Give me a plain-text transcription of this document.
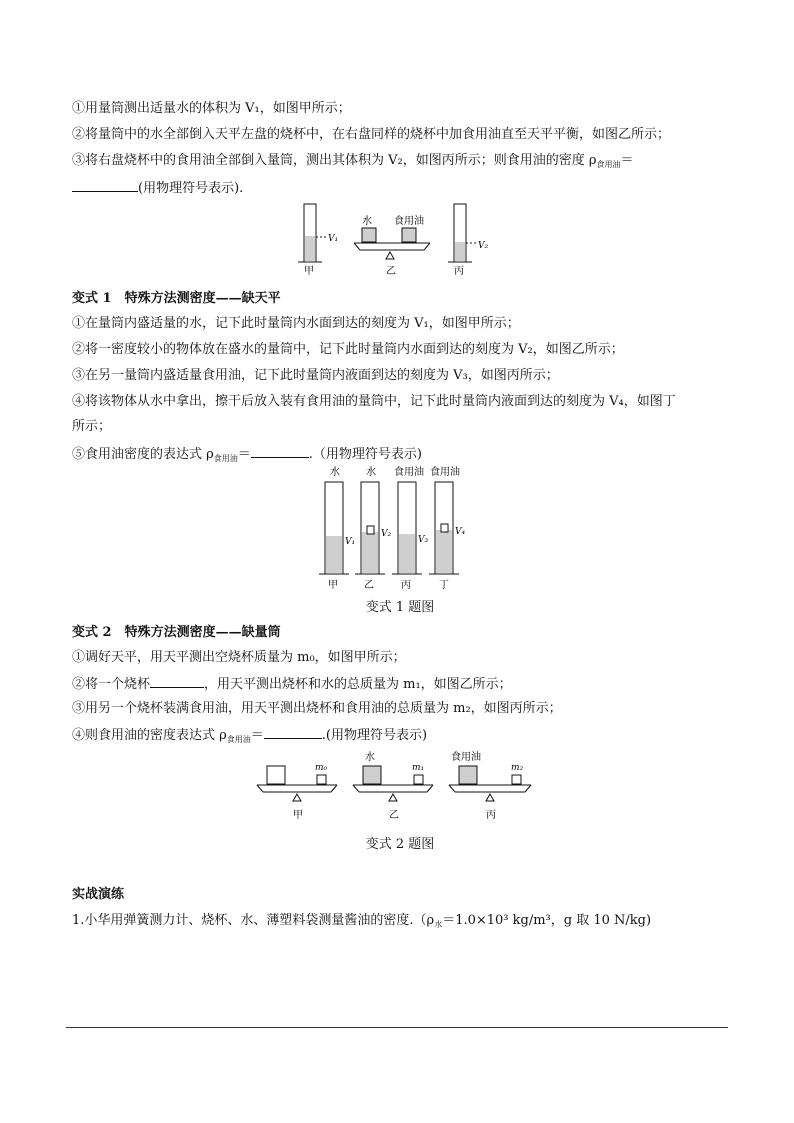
①用量筒测出适量水的体积为 V₁，如图甲所示；
②将量筒中的水全部倒入天平左盘的烧杯中，在右盘同样的烧杯中加食用油直至天平平衡，如图乙所示；
③将右盘烧杯中的食用油全部倒入量筒，测出其体积为 V₂，如图丙所示；则食用油的密度 $\rho_{食用油}=$
(用物理符号表示).
V₁
甲
水 食用油
乙
V₂
丙
变式 1　特殊方法测密度——缺天平
①在量筒内盛适量的水，记下此时量筒内水面到达的刻度为 V₁，如图甲所示；
②将一密度较小的物体放在盛水的量筒中，记下此时量筒内水面到达的刻度为 V₂，如图乙所示；
③在另一量筒内盛适量食用油，记下此时量筒内液面到达的刻度为 V₃，如图丙所示；
④将该物体从水中拿出，擦干后放入装有食用油的量筒中，记下此时量筒内液面到达的刻度为 V₄，如图丁
所示；
⑤食用油密度的表达式 $\rho_{食用油}=$	.（用物理符号表示)
水
V₁
甲
水
V₂
乙
食用油
V₃
丙
食用油
V₄
丁
变式 1 题图
变式 2　特殊方法测密度——缺量筒
①调好天平，用天平测出空烧杯质量为 m₀，如图甲所示；
②将一个烧杯	，用天平测出烧杯和水的总质量为 m₁，如图乙所示；
③用另一个烧杯装满食用油，用天平测出烧杯和食用油的总质量为 m₂，如图丙所示；
④则食用油的密度表达式 $\rho_{食用油}=$	.(用物理符号表示)
m₀
甲
水
m₁
乙
食用油
m₂
丙
变式 2 题图
实战演练
1.小华用弹簧测力计、烧杯、水、薄塑料袋测量酱油的密度$.(\rho_水=1.0\times 10^3$ kg/m³，g 取 10 N/kg)
